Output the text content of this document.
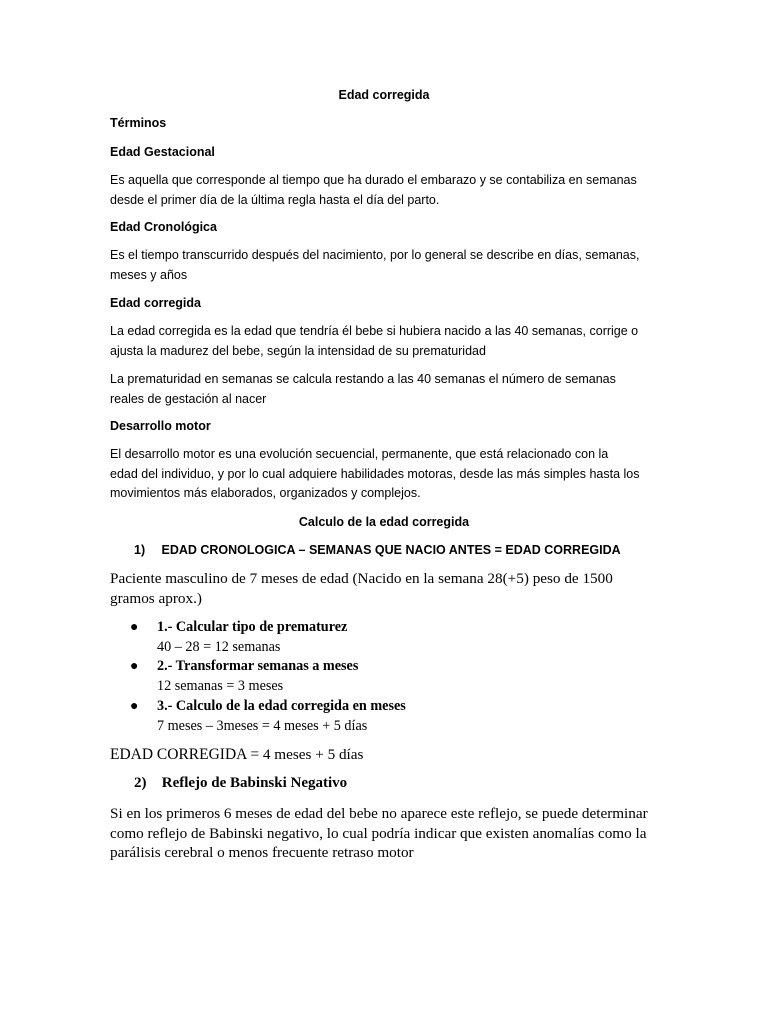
Edad corregida
Términos
Edad Gestacional
Es aquella que corresponde al tiempo que ha durado el embarazo y se contabiliza en semanas
desde el primer día de la última regla hasta el día del parto.
Edad Cronológica
Es el tiempo transcurrido después del nacimiento, por lo general se describe en días, semanas,
meses y años
Edad corregida
La edad corregida es la edad que tendría él bebe si hubiera nacido a las 40 semanas, corrige o
ajusta la madurez del bebe, según la intensidad de su prematuridad
La prematuridad en semanas se calcula restando a las 40 semanas el número de semanas
reales de gestación al nacer
Desarrollo motor
El desarrollo motor es una evolución secuencial, permanente, que está relacionado con la
edad del individuo, y por lo cual adquiere habilidades motoras, desde las más simples hasta los
movimientos más elaborados, organizados y complejos.
Calculo de la edad corregida
1) EDAD CRONOLOGICA – SEMANAS QUE NACIO ANTES = EDAD CORREGIDA
Paciente masculino de 7 meses de edad (Nacido en la semana 28(+5) peso de 1500
gramos aprox.)
● 1.- Calcular tipo de prematurez
40 – 28 = 12 semanas
● 2.- Transformar semanas a meses
12 semanas = 3 meses
● 3.- Calculo de la edad corregida en meses
7 meses – 3meses = 4 meses + 5 días
EDAD CORREGIDA = 4 meses + 5 días
2) Reflejo de Babinski Negativo
Si en los primeros 6 meses de edad del bebe no aparece este reflejo, se puede determinar
como reflejo de Babinski negativo, lo cual podría indicar que existen anomalías como la
parálisis cerebral o menos frecuente retraso motor
